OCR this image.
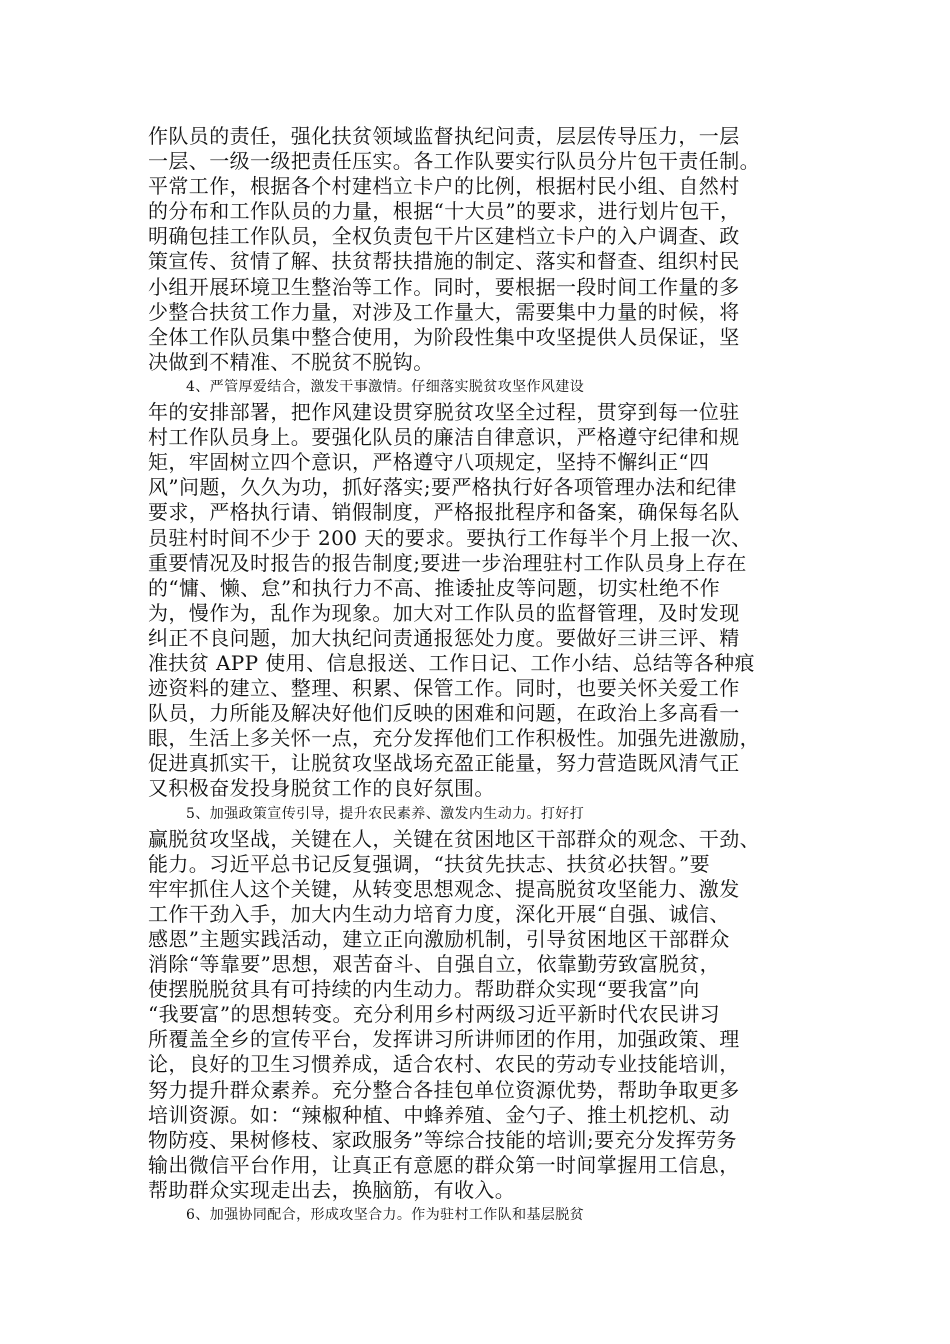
作队员的责任，强化扶贫领域监督执纪问责，层层传导压力，一层
一层、一级一级把责任压实。各工作队要实行队员分片包干责任制。
平常工作，根据各个村建档立卡户的比例，根据村民小组、自然村
的分布和工作队员的力量，根据“十大员”的要求，进行划片包干，
明确包挂工作队员，全权负责包干片区建档立卡户的入户调查、政
策宣传、贫情了解、扶贫帮扶措施的制定、落实和督查、组织村民
小组开展环境卫生整治等工作。同时，要根据一段时间工作量的多
少整合扶贫工作力量，对涉及工作量大，需要集中力量的时候，将
全体工作队员集中整合使用，为阶段性集中攻坚提供人员保证，坚
决做到不精准、不脱贫不脱钩。
4、严管厚爱结合，激发干事激情。仔细落实脱贫攻坚作风建设
年的安排部署，把作风建设贯穿脱贫攻坚全过程，贯穿到每一位驻
村工作队员身上。要强化队员的廉洁自律意识，严格遵守纪律和规
矩，牢固树立四个意识，严格遵守八项规定，坚持不懈纠正“四
风”问题，久久为功，抓好落实;要严格执行好各项管理办法和纪律
要求，严格执行请、销假制度，严格报批程序和备案，确保每名队
员驻村时间不少于 200 天的要求。要执行工作每半个月上报一次、
重要情况及时报告的报告制度;要进一步治理驻村工作队员身上存在
的“慵、懒、怠”和执行力不高、推诿扯皮等问题，切实杜绝不作
为，慢作为，乱作为现象。加大对工作队员的监督管理，及时发现
纠正不良问题，加大执纪问责通报惩处力度。要做好三讲三评、精
准扶贫 APP 使用、信息报送、工作日记、工作小结、总结等各种痕
迹资料的建立、整理、积累、保管工作。同时，也要关怀关爱工作
队员，力所能及解决好他们反映的困难和问题，在政治上多高看一
眼，生活上多关怀一点，充分发挥他们工作积极性。加强先进激励，
促进真抓实干，让脱贫攻坚战场充盈正能量，努力营造既风清气正
又积极奋发投身脱贫工作的良好氛围。
5、加强政策宣传引导，提升农民素养、激发内生动力。打好打
赢脱贫攻坚战，关键在人，关键在贫困地区干部群众的观念、干劲、
能力。习近平总书记反复强调，“扶贫先扶志、扶贫必扶智。”要
牢牢抓住人这个关键，从转变思想观念、提高脱贫攻坚能力、激发
工作干劲入手，加大内生动力培育力度，深化开展“自强、诚信、
感恩”主题实践活动，建立正向激励机制，引导贫困地区干部群众
消除“等靠要”思想，艰苦奋斗、自强自立，依靠勤劳致富脱贫，
使摆脱脱贫具有可持续的内生动力。帮助群众实现“要我富”向
“我要富”的思想转变。充分利用乡村两级习近平新时代农民讲习
所覆盖全乡的宣传平台，发挥讲习所讲师团的作用，加强政策、理
论，良好的卫生习惯养成，适合农村、农民的劳动专业技能培训，
努力提升群众素养。充分整合各挂包单位资源优势，帮助争取更多
培训资源。如：“辣椒种植、中蜂养殖、金勺子、推土机挖机、动
物防疫、果树修枝、家政服务”等综合技能的培训;要充分发挥劳务
输出微信平台作用，让真正有意愿的群众第一时间掌握用工信息，
帮助群众实现走出去，换脑筋，有收入。
6、加强协同配合，形成攻坚合力。作为驻村工作队和基层脱贫
